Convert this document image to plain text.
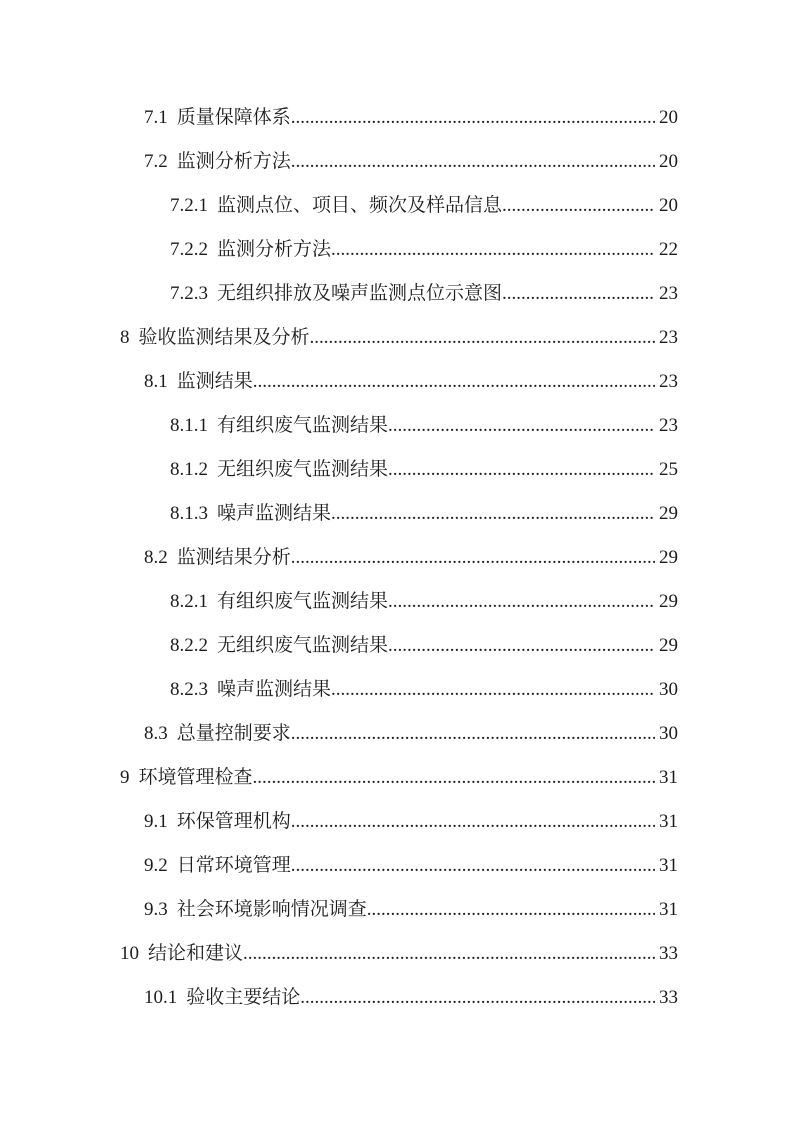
7.1 质量保障体系 .....	20
7.2 监测分析方法 .....	20
7.2.1 监测点位、项目、频次及样品信息 .....	20
7.2.2 监测分析方法 .....	22
7.2.3 无组织排放及噪声监测点位示意图 .....	23
8 验收监测结果及分析 .....	23
8.1 监测结果 .....	23
8.1.1 有组织废气监测结果 .....	23
8.1.2 无组织废气监测结果 .....	25
8.1.3 噪声监测结果 .....	29
8.2 监测结果分析 .....	29
8.2.1 有组织废气监测结果 .....	29
8.2.2 无组织废气监测结果 .....	29
8.2.3 噪声监测结果 .....	30
8.3 总量控制要求 .....	30
9 环境管理检查 .....	31
9.1 环保管理机构 .....	31
9.2 日常环境管理 .....	31
9.3 社会环境影响情况调查 .....	31
10 结论和建议 .....	33
10.1 验收主要结论 .....	33
